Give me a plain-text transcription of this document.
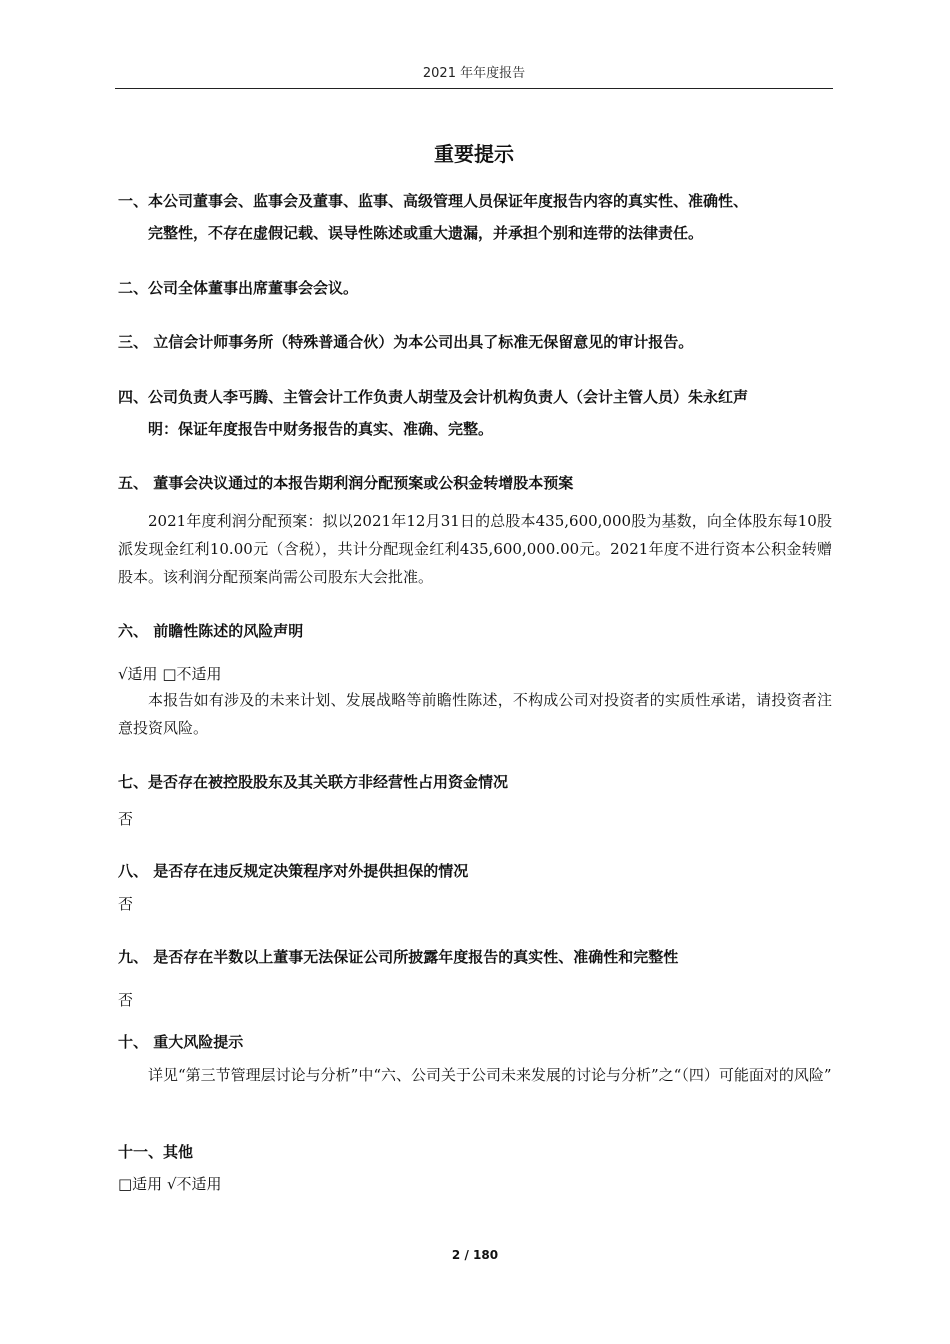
2021 年年度报告
重要提示
一、本公司董事会、监事会及董事、监事、高级管理人员保证年度报告内容的真实性、准确性、
完整性，不存在虚假记载、误导性陈述或重大遗漏，并承担个别和连带的法律责任。
二、公司全体董事出席董事会会议。
三、 立信会计师事务所（特殊普通合伙）为本公司出具了标准无保留意见的审计报告。
四、公司负责人李丐腾、主管会计工作负责人胡莹及会计机构负责人（会计主管人员）朱永红声
明：保证年度报告中财务报告的真实、准确、完整。
五、 董事会决议通过的本报告期利润分配预案或公积金转增股本预案
2021年度利润分配预案：拟以2021年12月31日的总股本435,600,000股为基数，向全体股东每10股派发现金红利10.00元（含税），共计分配现金红利435,600,000.00元。2021年度不进行资本公积金转赠股本。该利润分配预案尚需公司股东大会批准。
六、 前瞻性陈述的风险声明
√适用 □不适用
本报告如有涉及的未来计划、发展战略等前瞻性陈述，不构成公司对投资者的实质性承诺，请投资者注意投资风险。
七、是否存在被控股股东及其关联方非经营性占用资金情况
否
八、 是否存在违反规定决策程序对外提供担保的情况
否
九、 是否存在半数以上董事无法保证公司所披露年度报告的真实性、准确性和完整性
否
十、 重大风险提示
详见“第三节管理层讨论与分析”中“六、公司关于公司未来发展的讨论与分析”之“（四）可能面对的风险”
十一、其他
□适用 √不适用
2 / 180
